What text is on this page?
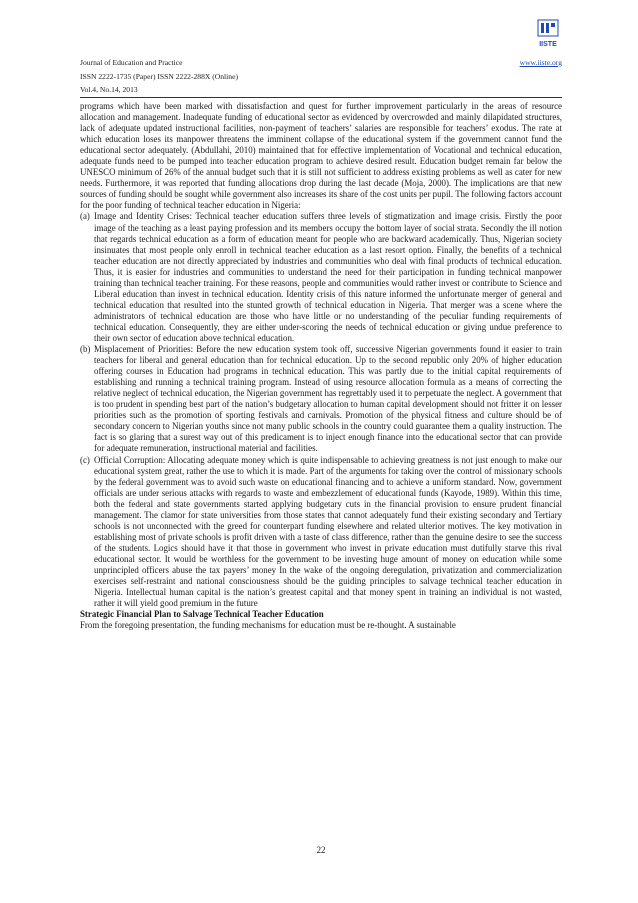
Journal of Education and Practice	www.iiste.org
ISSN 2222-1735 (Paper) ISSN 2222-288X (Online)
Vol.4, No.14, 2013
IISTE

programs which have been marked with dissatisfaction and quest for further improvement particularly in the areas of resource allocation and management. Inadequate funding of educational sector as evidenced by overcrowded and mainly dilapidated structures, lack of adequate updated instructional facilities, non-payment of teachers’ salaries are responsible for teachers’ exodus. The rate at which education loses its manpower threatens the imminent collapse of the educational system if the government cannot fund the educational sector adequately. (Abdullahi, 2010) maintained that for effective implementation of Vocational and technical education, adequate funds need to be pumped into teacher education program to achieve desired result. Education budget remain far below the UNESCO minimum of 26% of the annual budget such that it is still not sufficient to address existing problems as well as cater for new needs. Furthermore, it was reported that funding allocations drop during the last decade (Moja, 2000). The implications are that new sources of funding should be sought while government also increases its share of the cost units per pupil. The following factors account for the poor funding of technical teacher education in Nigeria:

(a) Image and Identity Crises: Technical teacher education suffers three levels of stigmatization and image crisis. Firstly the poor image of the teaching as a least paying profession and its members occupy the bottom layer of social strata. Secondly the ill notion that regards technical education as a form of education meant for people who are backward academically. Thus, Nigerian society insinuates that most people only enroll in technical teacher education as a last resort option. Finally, the benefits of a technical teacher education are not directly appreciated by industries and communities who deal with final products of technical education. Thus, it is easier for industries and communities to understand the need for their participation in funding technical manpower training than technical teacher training. For these reasons, people and communities would rather invest or contribute to Science and Liberal education than invest in technical education. Identity crisis of this nature informed the unfortunate merger of general and technical education that resulted into the stunted growth of technical education in Nigeria. That merger was a scene where the administrators of technical education are those who have little or no understanding of the peculiar funding requirements of technical education. Consequently, they are either under-scoring the needs of technical education or giving undue preference to their own sector of education above technical education.
(b) Misplacement of Priorities: Before the new education system took off, successive Nigerian governments found it easier to train teachers for liberal and general education than for technical education. Up to the second republic only 20% of higher education offering courses in Education had programs in technical education. This was partly due to the initial capital requirements of establishing and running a technical training program. Instead of using resource allocation formula as a means of correcting the relative neglect of technical education, the Nigerian government has regrettably used it to perpetuate the neglect. A government that is too prudent in spending best part of the nation’s budgetary allocation to human capital development should not fritter it on lesser priorities such as the promotion of sporting festivals and carnivals. Promotion of the physical fitness and culture should be of secondary concern to Nigerian youths since not many public schools in the country could guarantee them a quality instruction. The fact is so glaring that a surest way out of this predicament is to inject enough finance into the educational sector that can provide for adequate remuneration, instructional material and facilities.
(c) Official Corruption: Allocating adequate money which is quite indispensable to achieving greatness is not just enough to make our educational system great, rather the use to which it is made. Part of the arguments for taking over the control of missionary schools by the federal government was to avoid such waste on educational financing and to achieve a uniform standard. Now, government officials are under serious attacks with regards to waste and embezzlement of educational funds (Kayode, 1989). Within this time, both the federal and state governments started applying budgetary cuts in the financial provision to ensure prudent financial management. The clamor for state universities from those states that cannot adequately fund their existing secondary and Tertiary schools is not unconnected with the greed for counterpart funding elsewhere and related ulterior motives. The key motivation in establishing most of private schools is profit driven with a taste of class difference, rather than the genuine desire to see the success of the students. Logics should have it that those in government who invest in private education must dutifully starve this rival educational sector. It would be worthless for the government to be investing huge amount of money on education while some unprincipled officers abuse the tax payers’ money In the wake of the ongoing deregulation, privatization and commercialization exercises self-restraint and national consciousness should be the guiding principles to salvage technical teacher education in Nigeria. Intellectual human capital is the nation’s greatest capital and that money spent in training an individual is not wasted, rather it will yield good premium in the future

Strategic Financial Plan to Salvage Technical Teacher Education

From the foregoing presentation, the funding mechanisms for education must be re-thought. A sustainable

22
